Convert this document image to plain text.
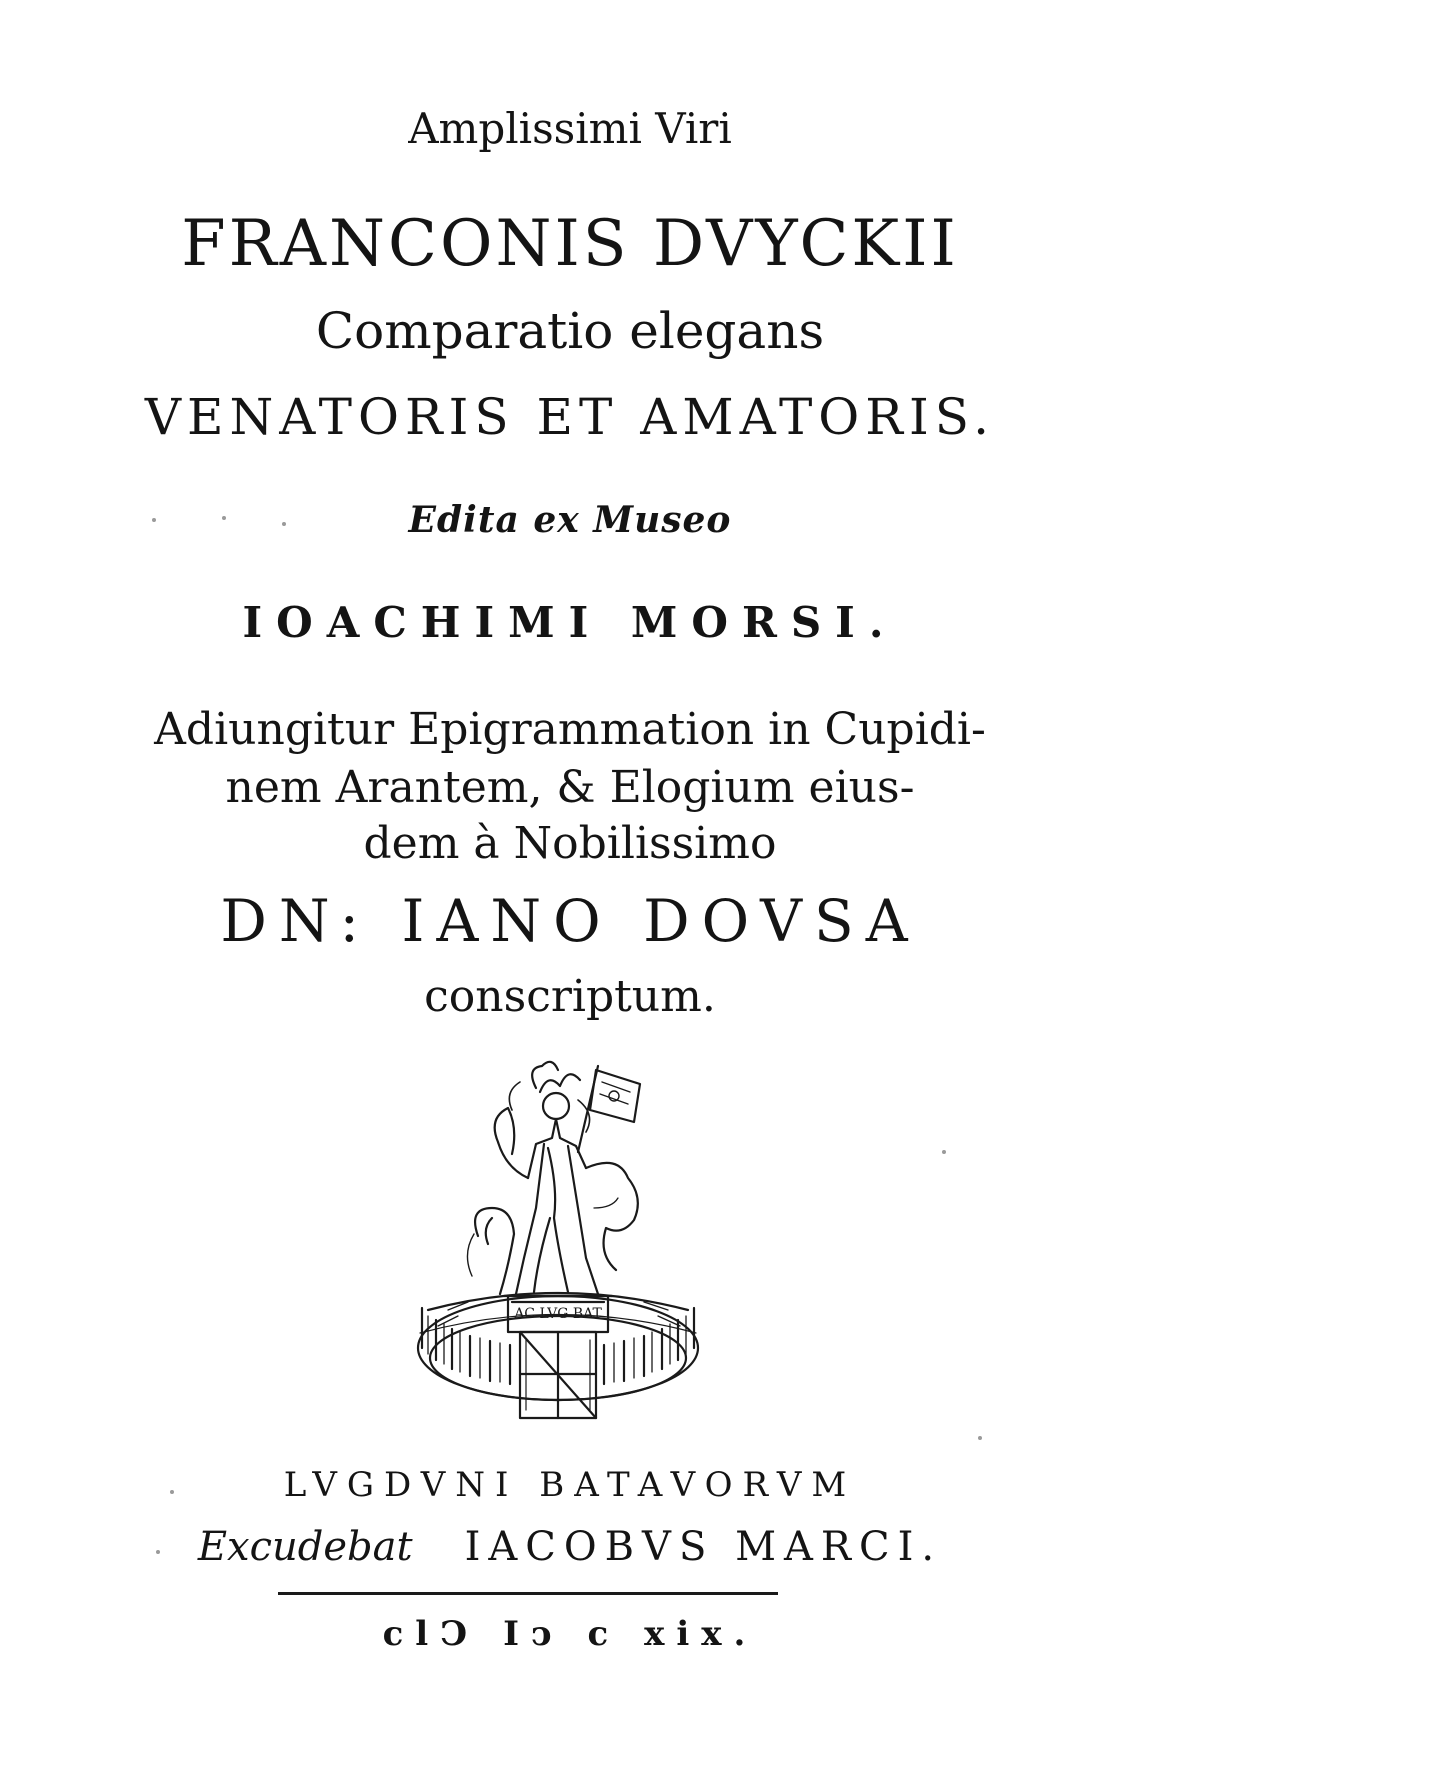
Amplissimi Viri
FRANCONIS DVYCKII
Comparatio elegans
VENATORIS ET AMATORIS.
Edita ex Museo
IOACHIMI MORSI.
Adiungitur Epigrammation in Cupidi-
nem Arantem, & Elogium eius-
dem à Nobilissimo
DN: IANO DOVSA
conscriptum.
AC LVG BAT
LVGDVNI BATAVORVM
Excudebat IACOBVS MARCI.
clↃ Iↄ c xix.
